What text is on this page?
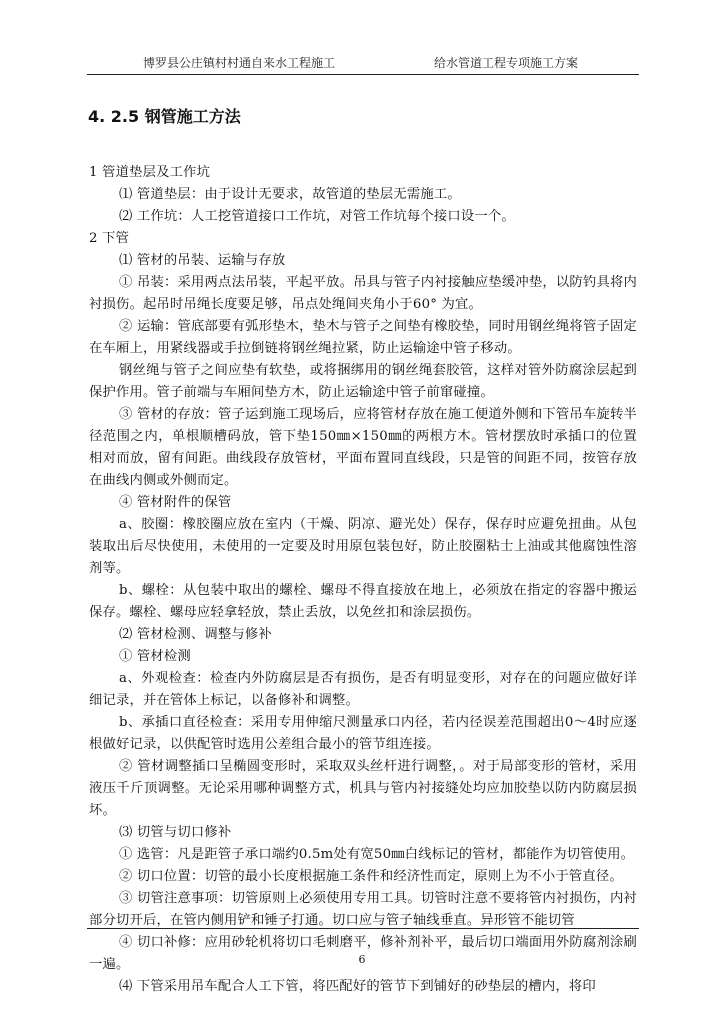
博罗县公庄镇村村通自来水工程施工	给水管道工程专项施工方案
4. 2.5 钢管施工方法

1 管道垫层及工作坑

⑴ 管道垫层：由于设计无要求，故管道的垫层无需施工。

⑵ 工作坑：人工挖管道接口工作坑，对管工作坑每个接口设一个。

2 下管

⑴ 管材的吊装、运输与存放

① 吊装：采用两点法吊装，平起平放。吊具与管子内衬接触应垫缓冲垫，以防钓具将内衬损伤。起吊时吊绳长度要足够，吊点处绳间夹角小于60° 为宜。

② 运输：管底部要有弧形垫木，垫木与管子之间垫有橡胶垫，同时用钢丝绳将管子固定在车厢上，用紧线器或手拉倒链将钢丝绳拉紧，防止运输途中管子移动。

钢丝绳与管子之间应垫有软垫，或将捆绑用的钢丝绳套胶管，这样对管外防腐涂层起到保护作用。管子前端与车厢间垫方木，防止运输途中管子前窜碰撞。

③ 管材的存放：管子运到施工现场后，应将管材存放在施工便道外侧和下管吊车旋转半径范围之内，单根顺槽码放，管下垫150㎜×150㎜的两根方木。管材摆放时承插口的位置相对而放，留有间距。曲线段存放管材，平面布置同直线段，只是管的间距不同，按管存放在曲线内侧或外侧而定。

④ 管材附件的保管

a、胶圈：橡胶圈应放在室内（干燥、阴凉、避光处）保存，保存时应避免扭曲。从包装取出后尽快使用，未使用的一定要及时用原包装包好，防止胶圈粘士上油或其他腐蚀性溶剂等。

b、螺栓：从包装中取出的螺栓、螺母不得直接放在地上，必须放在指定的容器中搬运保存。螺栓、螺母应轻拿轻放，禁止丢放，以免丝扣和涂层损伤。

⑵ 管材检测、调整与修补

① 管材检测

a、外观检查：检查内外防腐层是否有损伤，是否有明显变形，对存在的问题应做好详细记录，并在管体上标记，以备修补和调整。

b、承插口直径检查：采用专用伸缩尺测量承口内径，若内径误差范围超出0～4时应逐根做好记录，以供配管时选用公差组合最小的管节组连接。

② 管材调整插口呈椭圆变形时，采取双头丝杆进行调整，。对于局部变形的管材，采用液压千斤顶调整。无论采用哪种调整方式，机具与管内衬接缝处均应加胶垫以防内防腐层损坏。

⑶ 切管与切口修补

① 选管：凡是距管子承口端约0.5m处有宽50㎜白线标记的管材，都能作为切管使用。

② 切口位置：切管的最小长度根据施工条件和经济性而定，原则上为不小于管直径。

③ 切管注意事项：切管原则上必须使用专用工具。切管时注意不要将管内衬损伤，内衬部分切开后，在管内侧用铲和锤子打通。切口应与管子轴线垂直。异形管不能切管

④ 切口补修：应用砂轮机将切口毛刺磨平，修补剂补平，最后切口端面用外防腐剂涂刷一遍。

⑷ 下管采用吊车配合人工下管，将匹配好的管节下到铺好的砂垫层的槽内，将印

6
